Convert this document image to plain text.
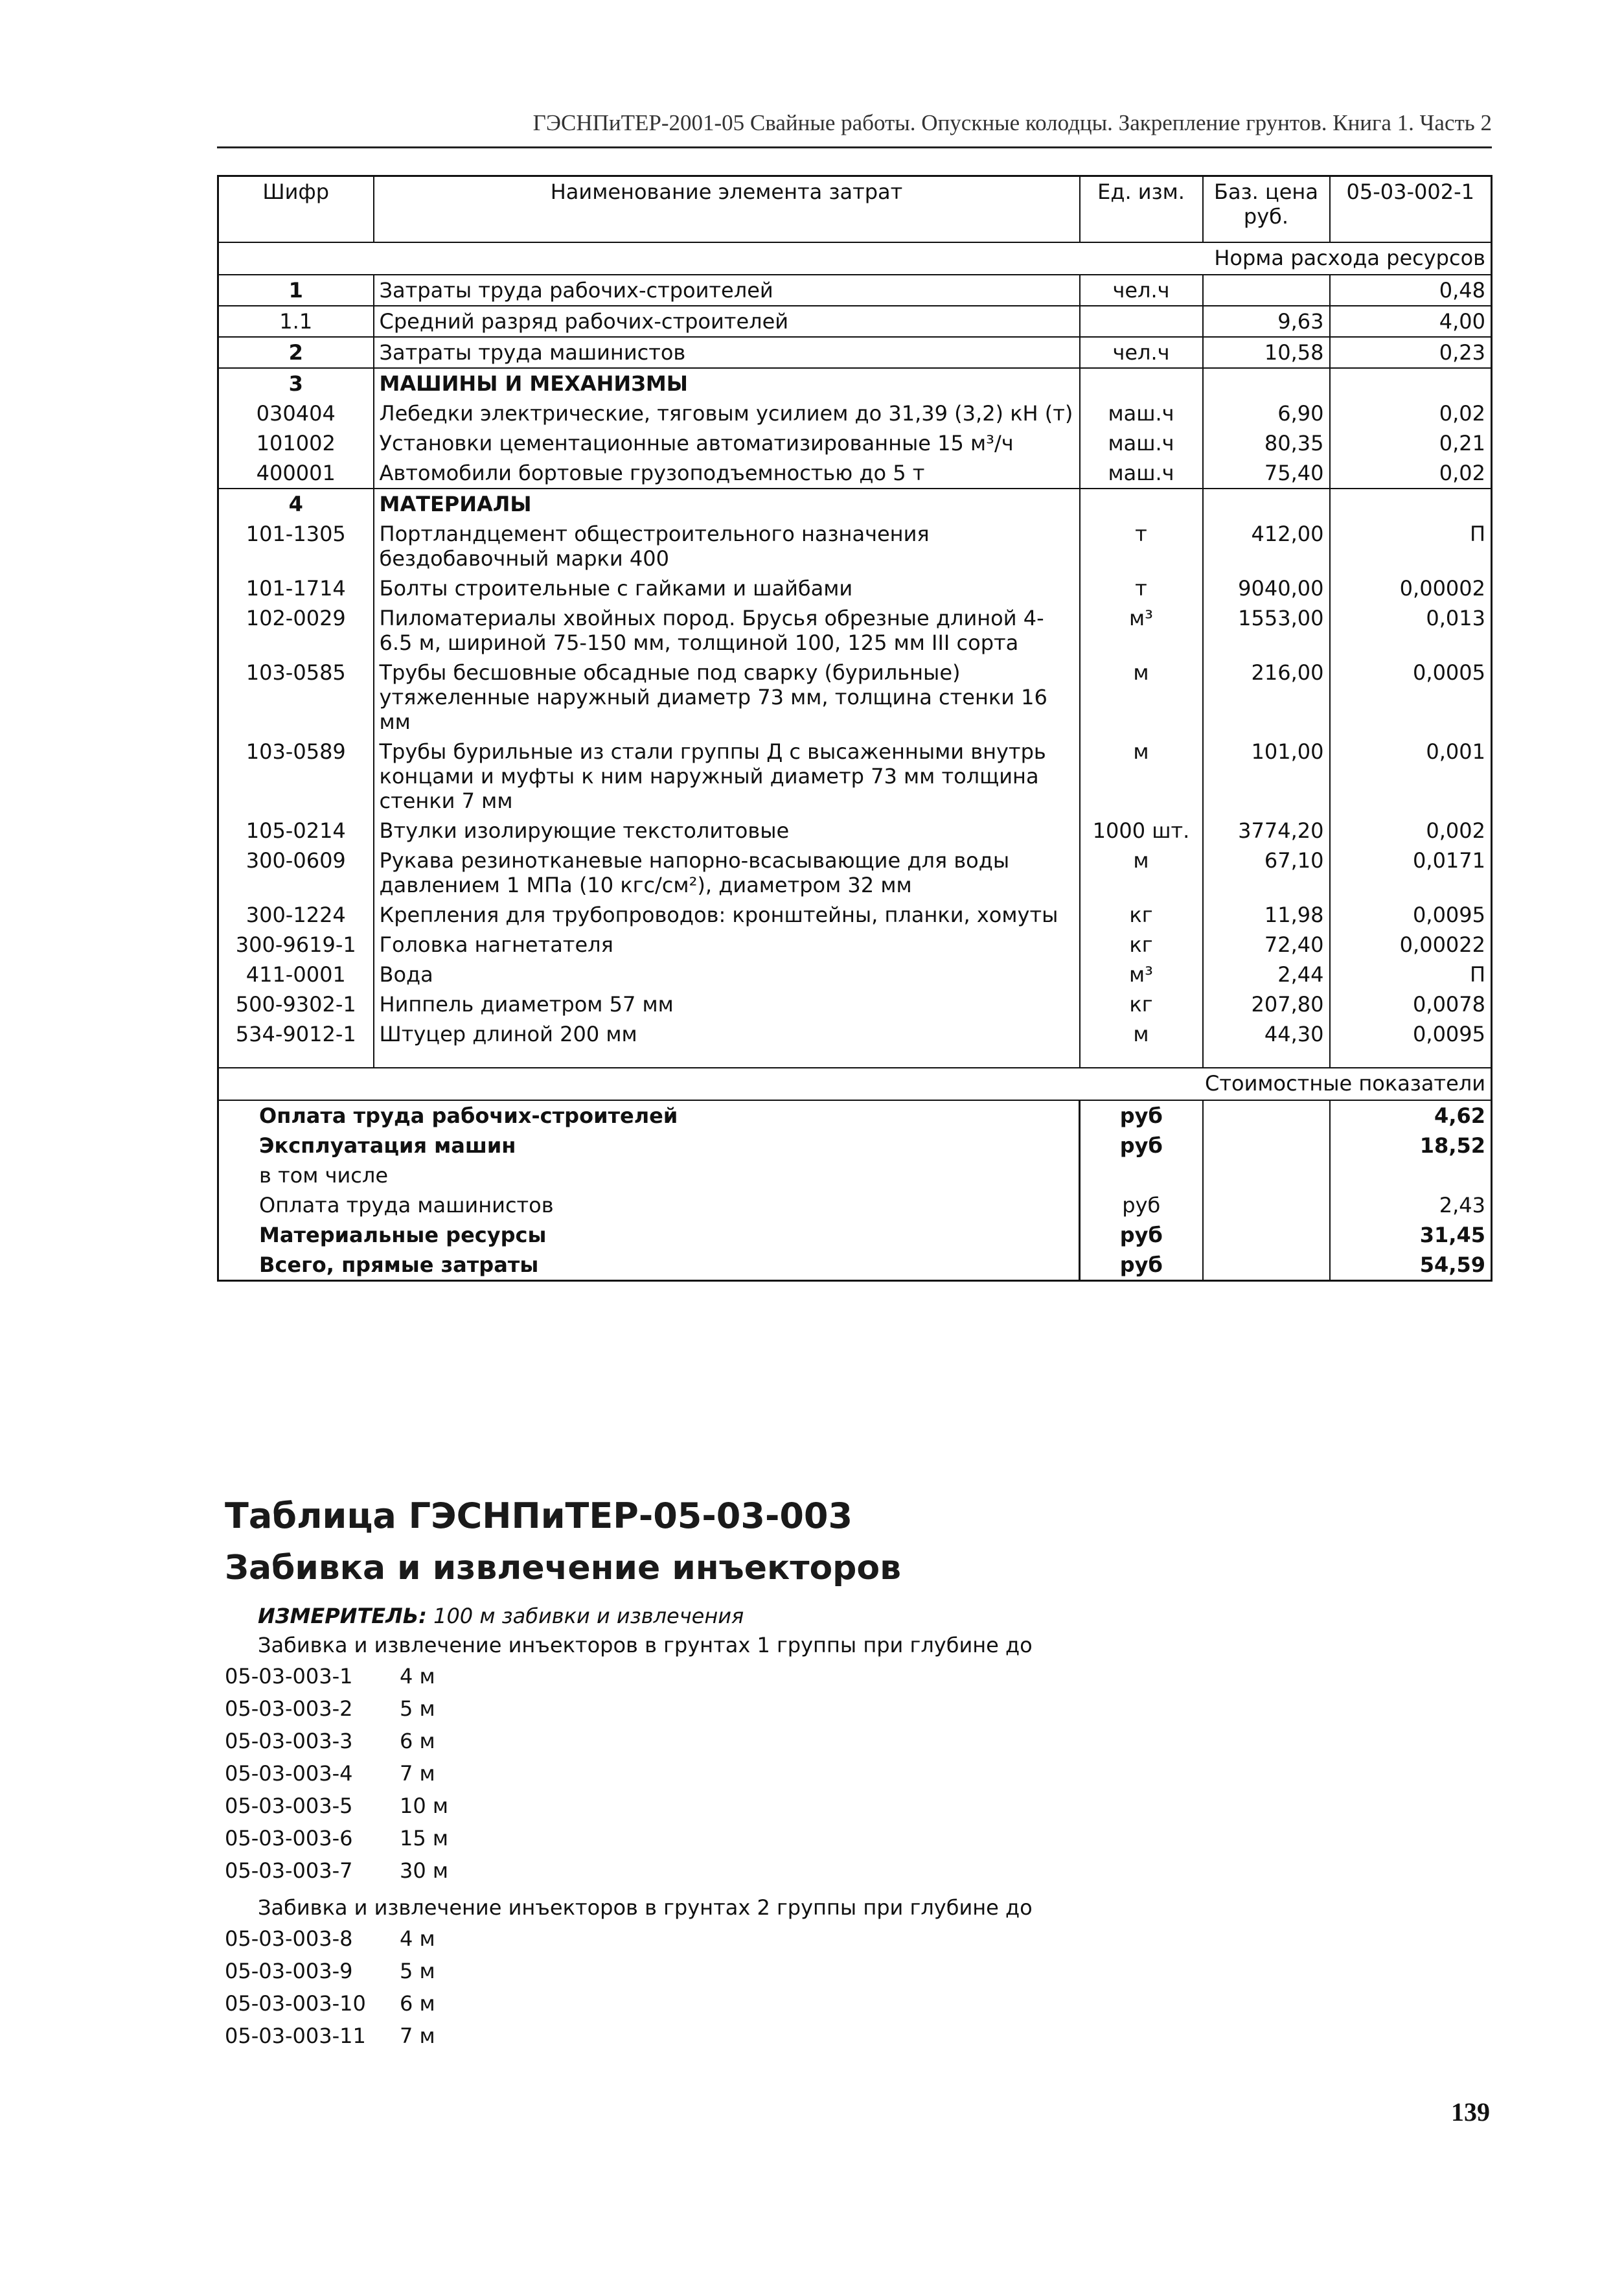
ГЭСНПиТЕР-2001-05 Свайные работы. Опускные колодцы. Закрепление грунтов. Книга 1. Часть 2
Шифр	Наименование элемента затрат	Ед. изм.	Баз. цена руб.	05-03-002-1
Норма расхода ресурсов				
1	Затраты труда рабочих-строителей	чел.ч		0,48
1.1	Средний разряд рабочих-строителей		9,63	4,00
2	Затраты труда машинистов	чел.ч	10,58	0,23
3	МАШИНЫ И МЕХАНИЗМЫ			
030404	Лебедки электрические, тяговым усилием до 31,39 (3,2) кН (т)	маш.ч	6,90	0,02
101002	Установки цементационные автоматизированные 15 м³/ч	маш.ч	80,35	0,21
400001	Автомобили бортовые грузоподъемностью до 5 т	маш.ч	75,40	0,02
4	МАТЕРИАЛЫ			
101-1305	Портландцемент общестроительного назначения бездобавочный марки 400	т	412,00	П
101-1714	Болты строительные с гайками и шайбами	т	9040,00	0,00002
102-0029	Пиломатериалы хвойных пород. Брусья обрезные длиной 4-6.5 м, шириной 75-150 мм, толщиной 100, 125 мм III сорта	м³	1553,00	0,013
103-0585	Трубы бесшовные обсадные под сварку (бурильные) утяжеленные наружный диаметр 73 мм, толщина стенки 16 мм	м	216,00	0,0005
103-0589	Трубы бурильные из стали группы Д с высаженными внутрь концами и муфты к ним наружный диаметр 73 мм толщина стенки 7 мм	м	101,00	0,001
105-0214	Втулки изолирующие текстолитовые	1000 шт.	3774,20	0,002
300-0609	Рукава резинотканевые напорно-всасывающие для воды давлением 1 МПа (10 кгс/см²), диаметром 32 мм	м	67,10	0,0171
300-1224	Крепления для трубопроводов: кронштейны, планки, хомуты	кг	11,98	0,0095
300-9619-1	Головка нагнетателя	кг	72,40	0,00022
411-0001	Вода	м³	2,44	П
500-9302-1	Ниппель диаметром 57 мм	кг	207,80	0,0078
534-9012-1	Штуцер длиной 200 мм	м	44,30	0,0095

Стоимостные показатели				
Оплата труда рабочих-строителей		руб		4,62
Эксплуатация машин		руб		18,52
в том числе				
Оплата труда машинистов		руб		2,43
Материальные ресурсы		руб		31,45
Всего, прямые затраты		руб		54,59
Таблица ГЭСНПиТЕР-05-03-003
Забивка и извлечение инъекторов
ИЗМЕРИТЕЛЬ: 100 м забивки и извлечения
Забивка и извлечение инъекторов в грунтах 1 группы при глубине до
05-03-003-1 4 м
05-03-003-2 5 м
05-03-003-3 6 м
05-03-003-4 7 м
05-03-003-5 10 м
05-03-003-6 15 м
05-03-003-7 30 м
Забивка и извлечение инъекторов в грунтах 2 группы при глубине до
05-03-003-8 4 м
05-03-003-9 5 м
05-03-003-10 6 м
05-03-003-11 7 м
139
